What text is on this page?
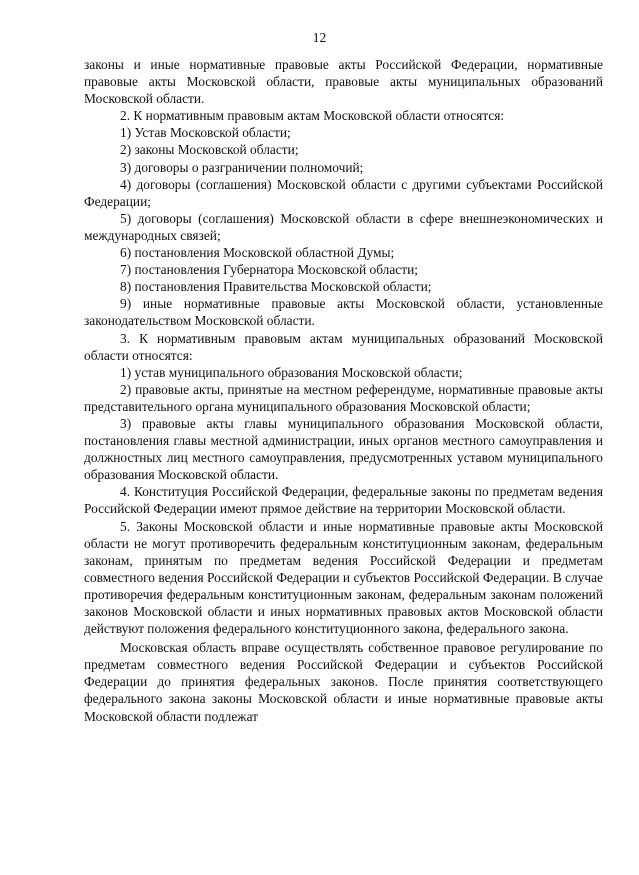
12

законы и иные нормативные правовые акты Российской Федерации, нормативные правовые акты Московской области, правовые акты муниципальных образований Московской области.

2. К нормативным правовым актам Московской области относятся:

1) Устав Московской области;

2) законы Московской области;

3) договоры о разграничении полномочий;

4) договоры (соглашения) Московской области с другими субъектами Российской Федерации;

5) договоры (соглашения) Московской области в сфере внешнеэкономических и международных связей;

6) постановления Московской областной Думы;

7) постановления Губернатора Московской области;

8) постановления Правительства Московской области;

9) иные нормативные правовые акты Московской области, установленные законодательством Московской области.

3. К нормативным правовым актам муниципальных образований Московской области относятся:

1) устав муниципального образования Московской области;

2) правовые акты, принятые на местном референдуме, нормативные правовые акты представительного органа муниципального образования Московской области;

3) правовые акты главы муниципального образования Московской области, постановления главы местной администрации, иных органов местного самоуправления и должностных лиц местного самоуправления, предусмотренных уставом муниципального образования Московской области.

4. Конституция Российской Федерации, федеральные законы по предметам ведения Российской Федерации имеют прямое действие на территории Московской области.

5. Законы Московской области и иные нормативные правовые акты Московской области не могут противоречить федеральным конституционным законам, федеральным законам, принятым по предметам ведения Российской Федерации и предметам совместного ведения Российской Федерации и субъектов Российской Федерации. В случае противоречия федеральным конституционным законам, федеральным законам положений законов Московской области и иных нормативных правовых актов Московской области действуют положения федерального конституционного закона, федерального закона.

Московская область вправе осуществлять собственное правовое регулирование по предметам совместного ведения Российской Федерации и субъектов Российской Федерации до принятия федеральных законов. После принятия соответствующего федерального закона законы Московской области и иные нормативные правовые акты Московской области подлежат
